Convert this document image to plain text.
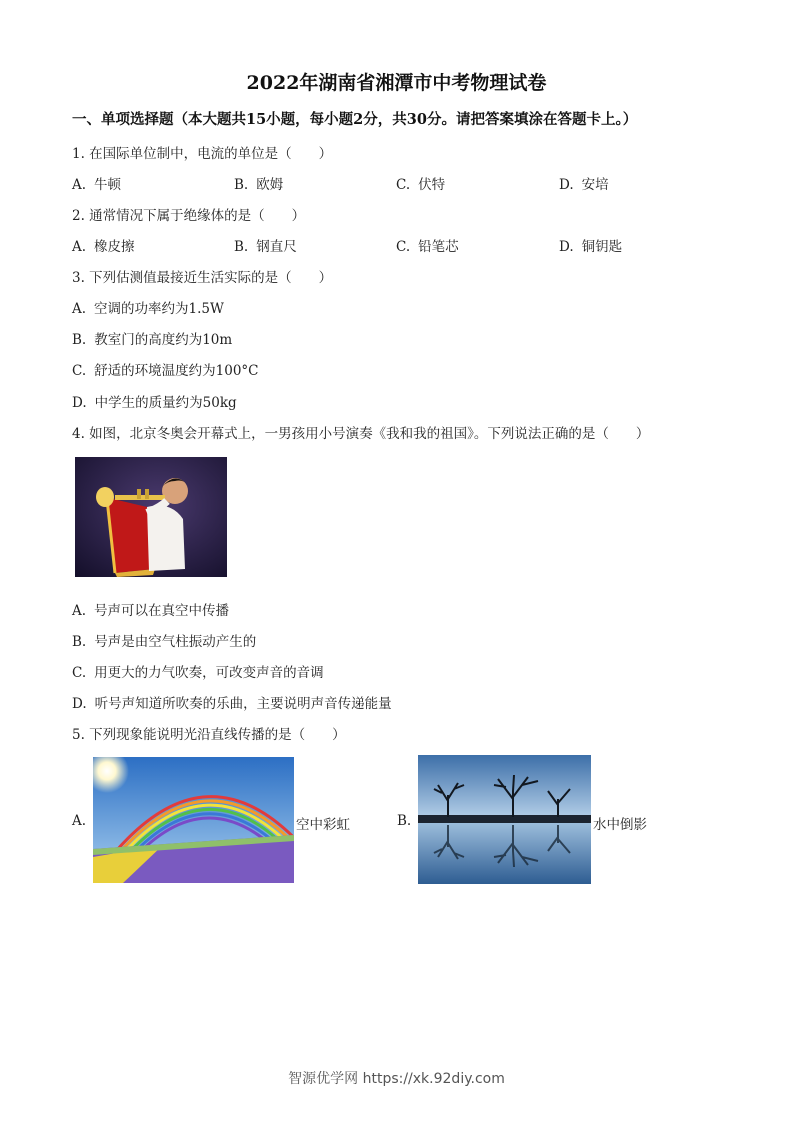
2022年湖南省湘潭市中考物理试卷
一、单项选择题（本大题共15小题，每小题2分，共30分。请把答案填涂在答题卡上。）
1. 在国际单位制中，电流的单位是（　　）
A. 牛顿	B. 欧姆	C. 伏特	D. 安培
2. 通常情况下属于绝缘体的是（　　）
A. 橡皮擦	B. 钢直尺	C. 铅笔芯	D. 铜钥匙
3. 下列估测值最接近生活实际的是（　　）
A. 空调的功率约为1.5W
B. 教室门的高度约为10m
C. 舒适的环境温度约为100°C
D. 中学生的质量约为50kg
4. 如图，北京冬奥会开幕式上，一男孩用小号演奏《我和我的祖国》。下列说法正确的是（　　）
A. 号声可以在真空中传播
B. 号声是由空气柱振动产生的
C. 用更大的力气吹奏，可改变声音的音调
D. 听号声知道所吹奏的乐曲，主要说明声音传递能量
5. 下列现象能说明光沿直线传播的是（　　）
A.	空中彩虹	B.	水中倒影
智源优学网 https://xk.92diy.com
